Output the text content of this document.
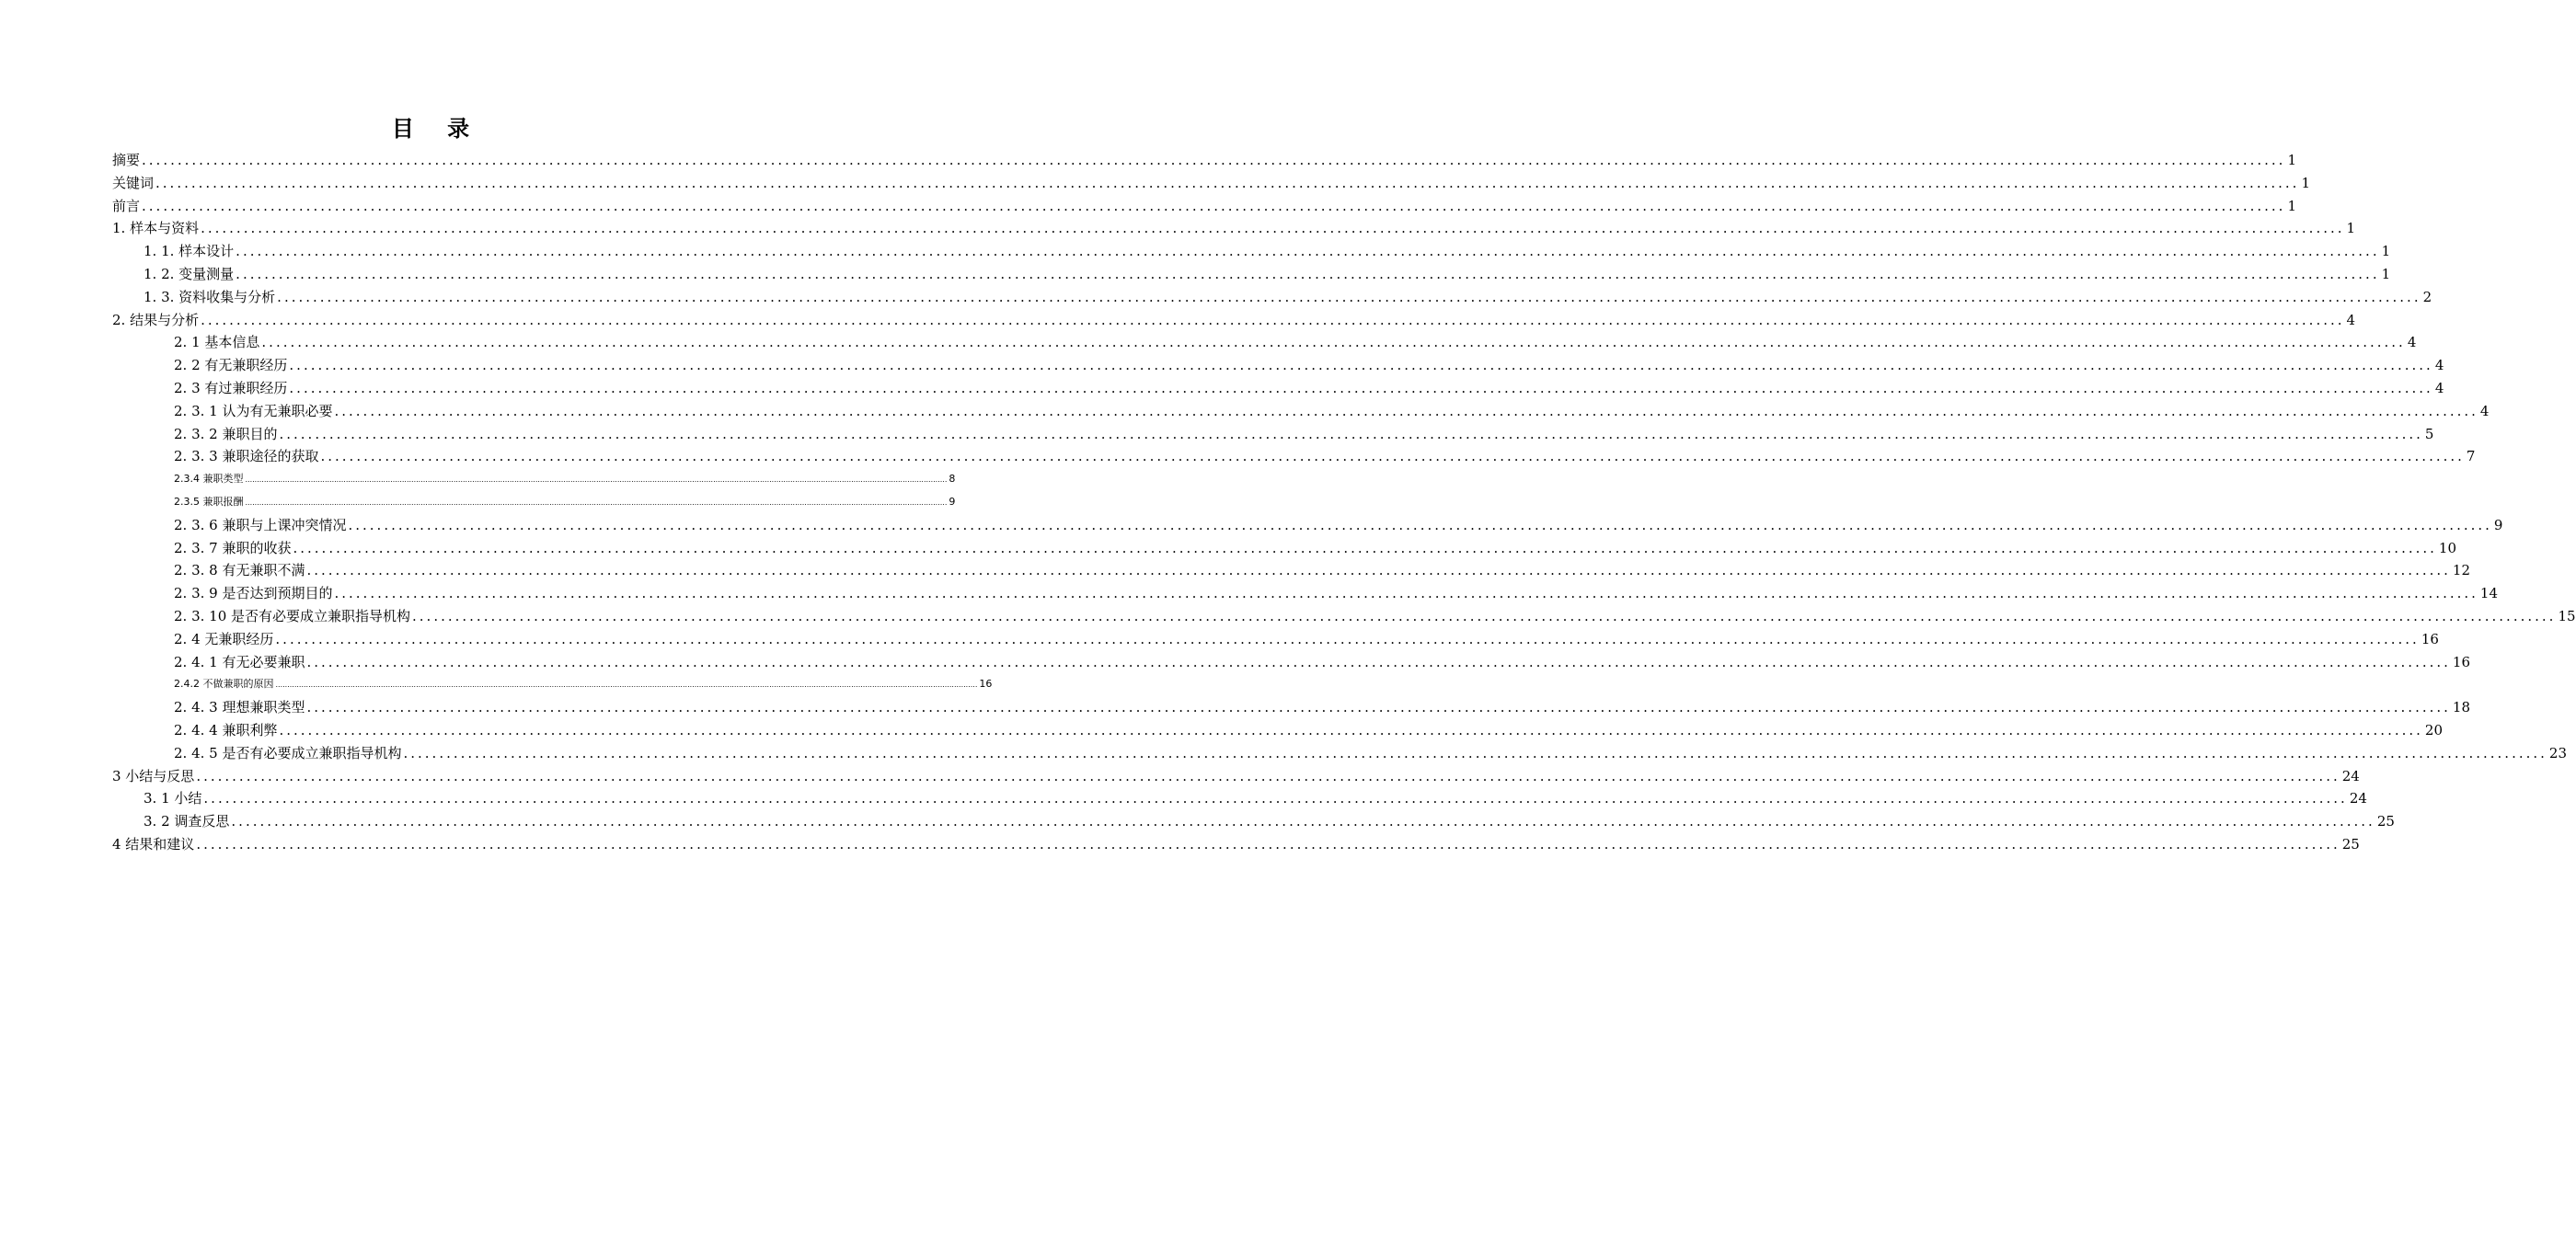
目 录
摘要 ............................................................................................................................................................................................................................................................................................................ 1
关键词 ............................................................................................................................................................................................................................................................................................................ 1
前言 ............................................................................................................................................................................................................................................................................................................ 1
1. 样本与资料 ............................................................................................................................................................................................................................................................................................................ 1
1. 1. 样本设计 ............................................................................................................................................................................................................................................................................................................ 1
1. 2. 变量测量 ............................................................................................................................................................................................................................................................................................................ 1
1. 3. 资料收集与分析 ............................................................................................................................................................................................................................................................................................................ 2
2. 结果与分析 ............................................................................................................................................................................................................................................................................................................ 4
2. 1 基本信息 ............................................................................................................................................................................................................................................................................................................ 4
2. 2 有无兼职经历 ............................................................................................................................................................................................................................................................................................................ 4
2. 3 有过兼职经历 ............................................................................................................................................................................................................................................................................................................ 4
2. 3. 1 认为有无兼职必要 ............................................................................................................................................................................................................................................................................................................ 4
2. 3. 2 兼职目的 ............................................................................................................................................................................................................................................................................................................ 5
2. 3. 3 兼职途径的获取 ............................................................................................................................................................................................................................................................................................................ 7
2.3.4 兼职类型 ............................................................................................................................................................................................................................................................................................................ 8
2.3.5 兼职报酬 ............................................................................................................................................................................................................................................................................................................ 9
2. 3. 6 兼职与上课冲突情况 ............................................................................................................................................................................................................................................................................................................ 9
2. 3. 7 兼职的收获 ............................................................................................................................................................................................................................................................................................................ 10
2. 3. 8 有无兼职不满 ............................................................................................................................................................................................................................................................................................................ 12
2. 3. 9 是否达到预期目的 ............................................................................................................................................................................................................................................................................................................ 14
2. 3. 10 是否有必要成立兼职指导机构 ............................................................................................................................................................................................................................................................................................................ 15
2. 4 无兼职经历 ............................................................................................................................................................................................................................................................................................................ 16
2. 4. 1 有无必要兼职 ............................................................................................................................................................................................................................................................................................................ 16
2.4.2 不做兼职的原因 ............................................................................................................................................................................................................................................................................................................ 16
2. 4. 3 理想兼职类型 ............................................................................................................................................................................................................................................................................................................ 18
2. 4. 4 兼职利弊 ............................................................................................................................................................................................................................................................................................................ 20
2. 4. 5 是否有必要成立兼职指导机构 ............................................................................................................................................................................................................................................................................................................ 23
3 小结与反思 ............................................................................................................................................................................................................................................................................................................ 24
3. 1 小结 ............................................................................................................................................................................................................................................................................................................ 24
3. 2 调查反思 ............................................................................................................................................................................................................................................................................................................ 25
4 结果和建议 ............................................................................................................................................................................................................................................................................................................ 25
